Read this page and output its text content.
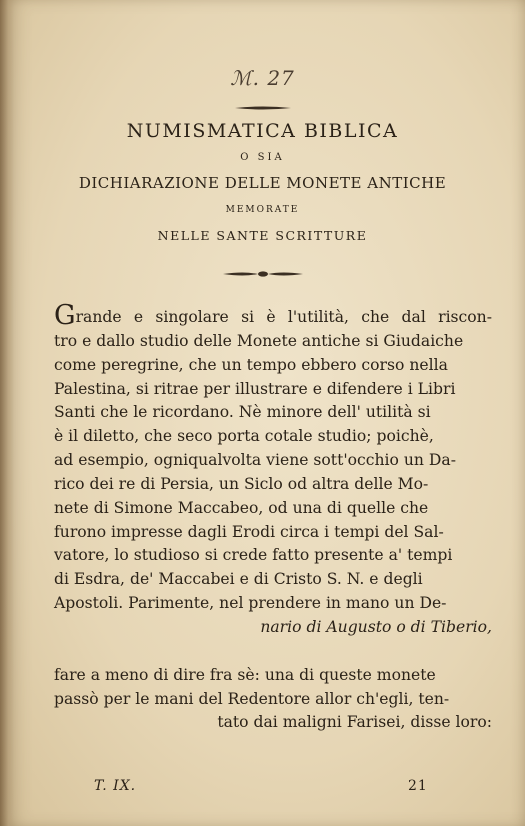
ℳ. 27
NUMISMATICA BIBLICA
O SIA
DICHIARAZIONE DELLE MONETE ANTICHE
MEMORATE
NELLE SANTE SCRITTURE
G rande e singolare si è l'utilità, che dal riscon-
tro e dallo studio delle Monete antiche si Giudaiche
come peregrine, che un tempo ebbero corso nella
Palestina, si ritrae per illustrare e difendere i Libri
Santi che le ricordano. Nè minore dell' utilità si
è il diletto, che seco porta cotale studio; poichè,
ad esempio, ogniqualvolta viene sott'occhio un Da-
rico dei re di Persia, un Siclo od altra delle Mo-
nete di Simone Maccabeo, od una di quelle che
furono impresse dagli Erodi circa i tempi del Sal-
vatore, lo studioso si crede fatto presente a' tempi
di Esdra, de' Maccabei e di Cristo S. N. e degli
Apostoli. Parimente, nel prendere in mano un De-

nario di Augusto o di Tiberio,

fare a meno di dire fra sè: una di queste monete
passò per le mani del Redentore allor ch'egli, ten-

tato dai maligni Farisei, disse loro:

T. IX.	21
